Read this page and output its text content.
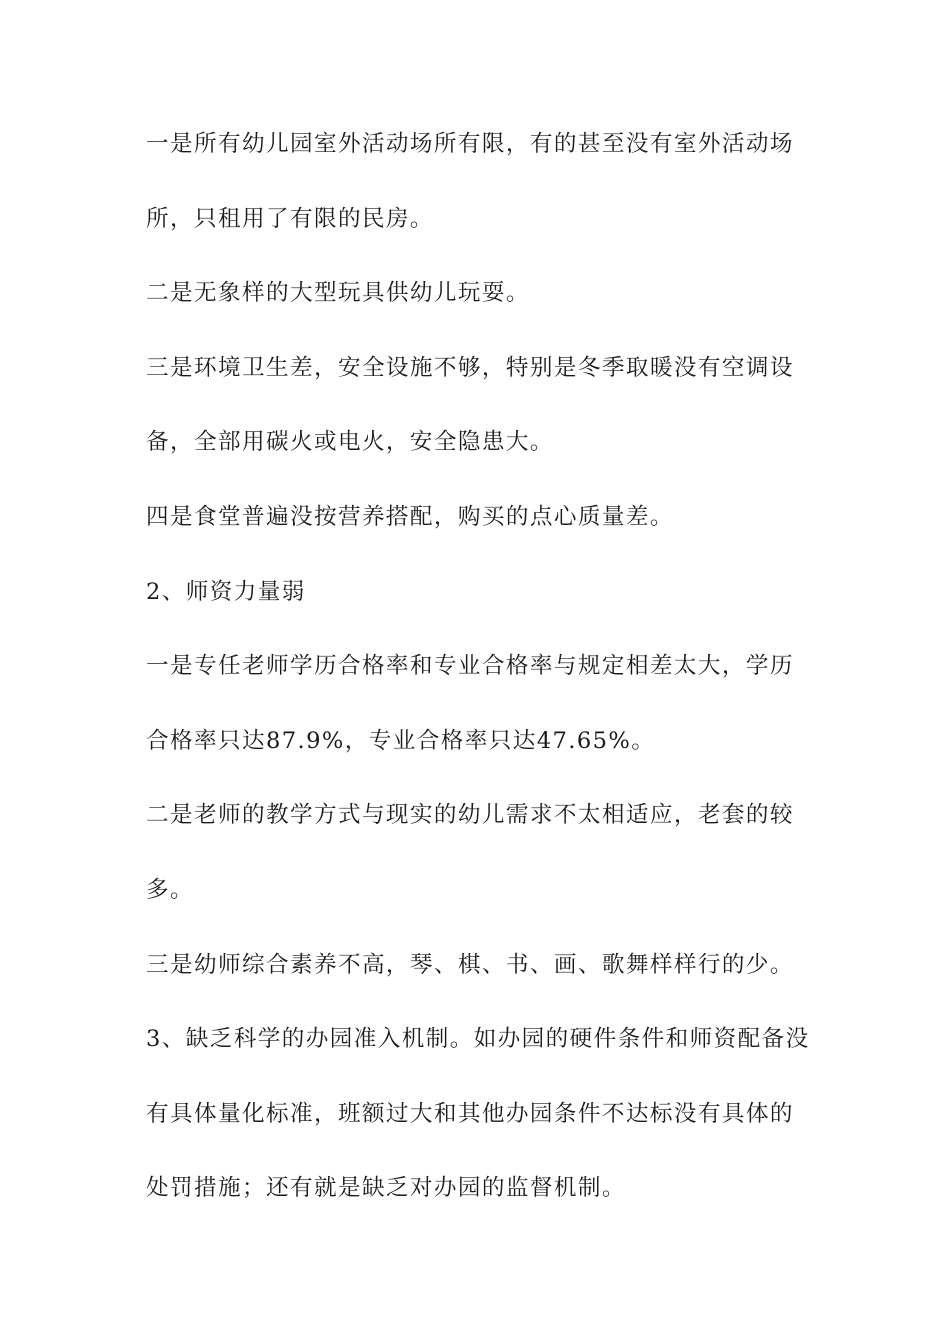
一是所有幼儿园室外活动场所有限，有的甚至没有室外活动场
所，只租用了有限的民房。
二是无象样的大型玩具供幼儿玩耍。
三是环境卫生差，安全设施不够，特别是冬季取暖没有空调设
备，全部用碳火或电火，安全隐患大。
四是食堂普遍没按营养搭配，购买的点心质量差。
2、师资力量弱
一是专任老师学历合格率和专业合格率与规定相差太大，学历
合格率只达87.9%，专业合格率只达47.65%。
二是老师的教学方式与现实的幼儿需求不太相适应，老套的较
多。
三是幼师综合素养不高，琴、棋、书、画、歌舞样样行的少。
3、缺乏科学的办园准入机制。如办园的硬件条件和师资配备没
有具体量化标准，班额过大和其他办园条件不达标没有具体的
处罚措施；还有就是缺乏对办园的监督机制。
